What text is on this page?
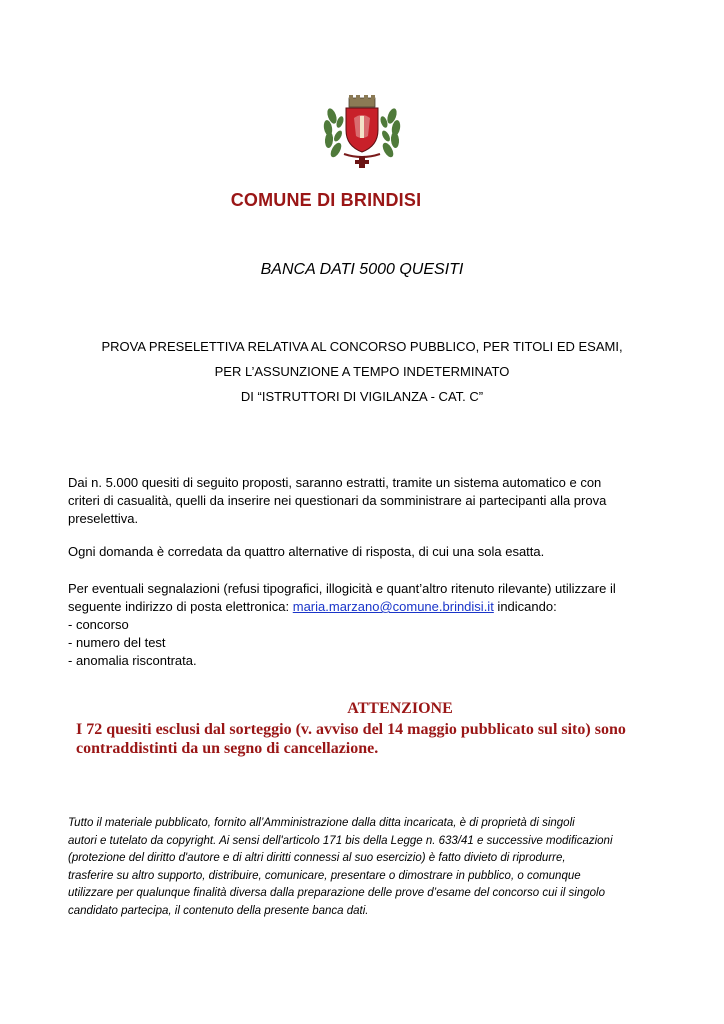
COMUNE DI BRINDISI
BANCA DATI 5000 QUESITI
PROVA PRESELETTIVA RELATIVA AL CONCORSO PUBBLICO, PER TITOLI ED ESAMI,
PER L’ASSUNZIONE A TEMPO INDETERMINATO
DI “ISTRUTTORI DI VIGILANZA - CAT. C”
Dai n. 5.000 quesiti di seguito proposti, saranno estratti, tramite un sistema automatico e con
criteri di casualità, quelli da inserire nei questionari da somministrare ai partecipanti alla prova
preselettiva.
Ogni domanda è corredata da quattro alternative di risposta, di cui una sola esatta.
Per eventuali segnalazioni (refusi tipografici, illogicità e quant’altro ritenuto rilevante) utilizzare il
seguente indirizzo di posta elettronica: maria.marzano@comune.brindisi.it indicando:
- concorso
- numero del test
- anomalia riscontrata.
ATTENZIONE
I 72 quesiti esclusi dal sorteggio (v. avviso del 14 maggio pubblicato sul sito) sono
contraddistinti da un segno di cancellazione.
Tutto il materiale pubblicato, fornito all’Amministrazione dalla ditta incaricata, è di proprietà di singoli
autori e tutelato da copyright. Ai sensi dell'articolo 171 bis della Legge n. 633/41 e successive modificazioni
(protezione del diritto d'autore e di altri diritti connessi al suo esercizio) è fatto divieto di riprodurre,
trasferire su altro supporto, distribuire, comunicare, presentare o dimostrare in pubblico, o comunque
utilizzare per qualunque finalità diversa dalla preparazione delle prove d’esame del concorso cui il singolo
candidato partecipa, il contenuto della presente banca dati.
